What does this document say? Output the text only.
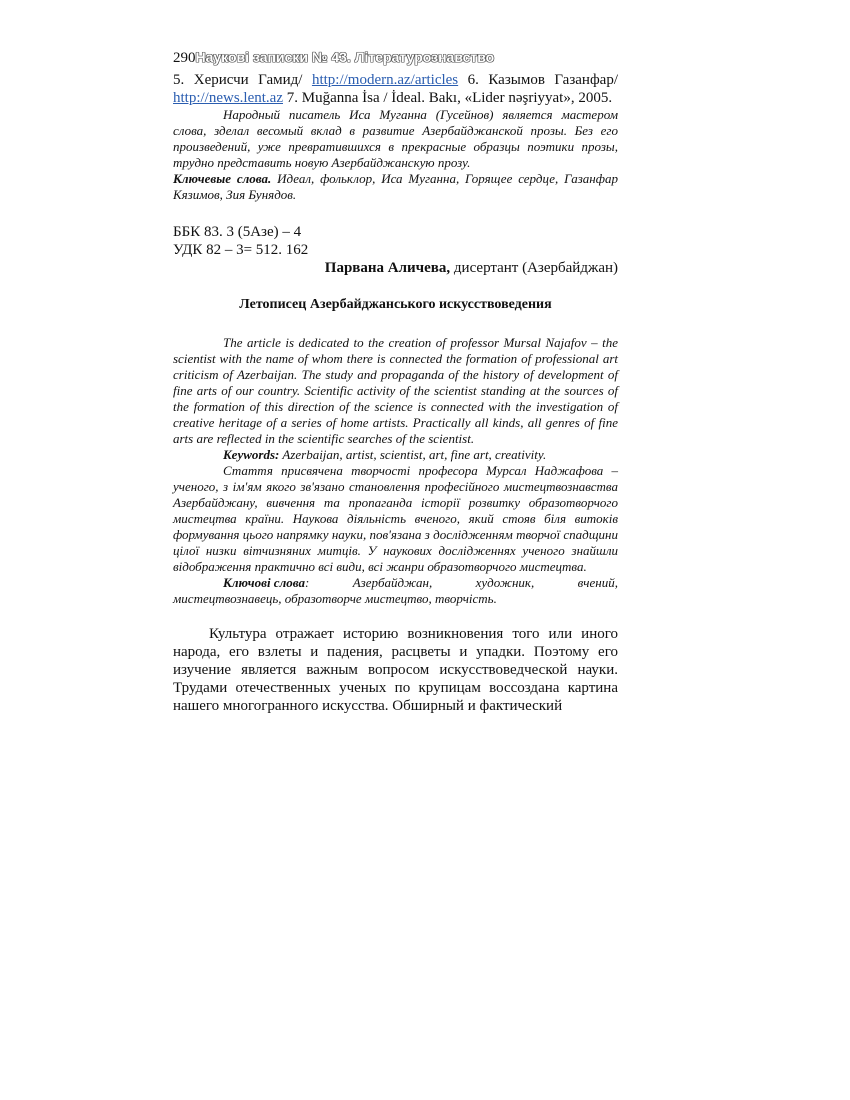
290Наукові записки № 43. Літературознавство
5. Херисчи Гамид/ http://modern.az/articles 6. Казымов Газанфар/ http://news.lent.az 7. Muğanna İsa / İdeal. Bakı, «Lider nəşriyyat», 2005.

Народный писатель Иса Муганна (Гусейнов) является мастером слова, зделал весомый вклад в развитие Азербайджанской прозы. Без его произведений, уже превратившихся в прекрасные образцы поэтики прозы, трудно представить новую Азербайджанскую прозу.

Ключевые слова. Идеал, фольклор, Иса Муганна, Горящее сердце, Газанфар Кязимов, Зия Бунядов.

ББК 83. 3 (5Азе) – 4
УДК 82 – 3= 512. 162
Парвана Аличева, дисертант (Азербайджан)
Летописец Азербайджанського искусствоведения

The article is dedicated to the creation of professor Mursal Najafov – the scientist with the name of whom there is connected the formation of professional art criticism of Azerbaijan. The study and propaganda of the history of development of fine arts of our country. Scientific activity of the scientist standing at the sources of the formation of this direction of the science is connected with the investigation of creative heritage of a series of home artists. Practically all kinds, all genres of fine arts are reflected in the scientific searches of the scientist.

Keywords: Azerbaijan, artist, scientist, art, fine art, creativity.

Стаття присвячена творчості професора Мурсал Наджафова – ученого, з ім'ям якого зв'язано становлення професійного мистецтвознавства Азербайджану, вивчення та пропаганда історії розвитку образотворчого мистецтва країни. Наукова діяльність вченого, який стояв біля витоків формування цього напрямку науки, пов'язана з дослідженням творчої спадщини цілої низки вітчизняних митців. У наукових дослідженнях ученого знайшли відображення практично всі види, всі жанри образотворчого мистецтва.

Ключові слова:	Азербайджан,	художник,	вчений,

мистецтвознавець, образотворче мистецтво, творчість.

Культура отражает историю возникновения того или иного народа, его взлеты и падения, расцветы и упадки. Поэтому его изучение является важным вопросом искусствоведческой науки. Трудами отечественных ученых по крупицам воссоздана картина нашего многогранного искусства. Обширный и фактический
